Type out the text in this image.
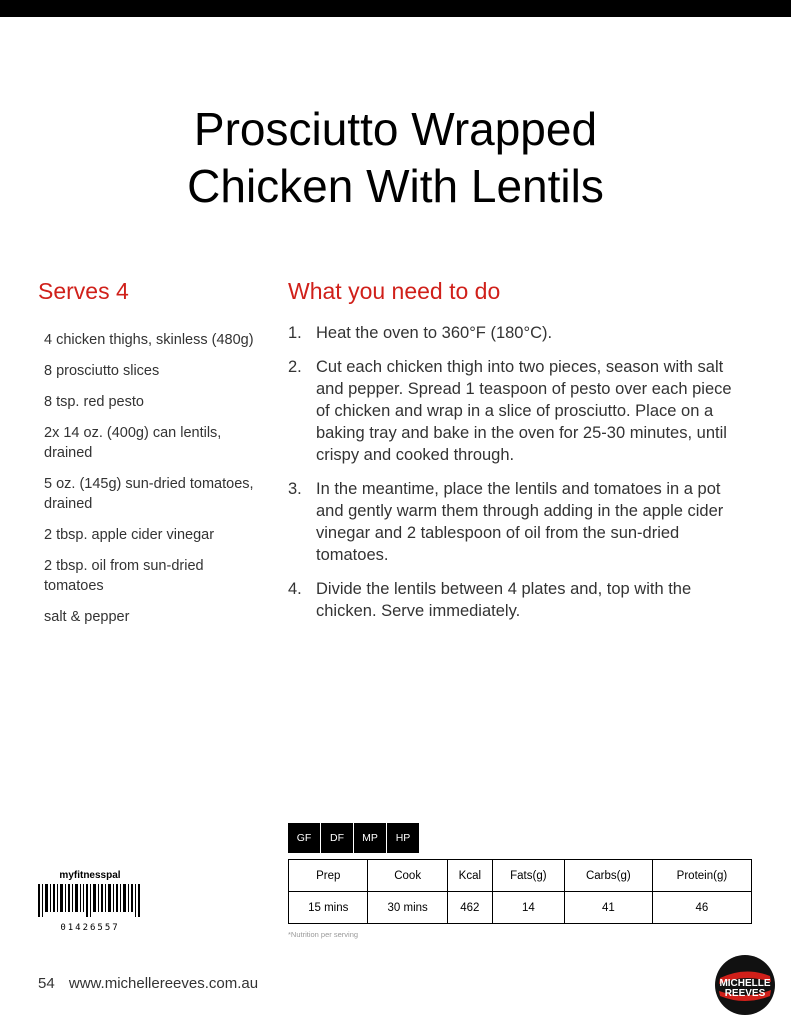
Prosciutto Wrapped
Chicken With Lentils
Serves 4	What you need to do
4 chicken thighs, skinless (480g)
8 prosciutto slices
8 tsp. red pesto
2x 14 oz. (400g) can lentils, drained
5 oz. (145g) sun-dried tomatoes, drained
2 tbsp. apple cider vinegar
2 tbsp. oil from sun-dried tomatoes
salt & pepper
1. Heat the oven to 360°F (180°C).
2. Cut each chicken thigh into two pieces, season with salt and pepper. Spread 1 teaspoon of pesto over each piece of chicken and wrap in a slice of prosciutto. Place on a baking tray and bake in the oven for 25-30 minutes, until crispy and cooked through.
3. In the meantime, place the lentils and tomatoes in a pot and gently warm them through adding in the apple cider vinegar and 2 tablespoon of oil from the sun-dried tomatoes.
4. Divide the lentils between 4 plates and, top with the chicken. Serve immediately.
GF	DF	MP	HP
Prep	Cook	Kcal	Fats(g)	Carbs(g)	Protein(g)
15 mins	30 mins	462	14	41	46
*Nutrition per serving
myfitnesspal
01426557
54 www.michellereeves.com.au	MICHELLE
REEVES
